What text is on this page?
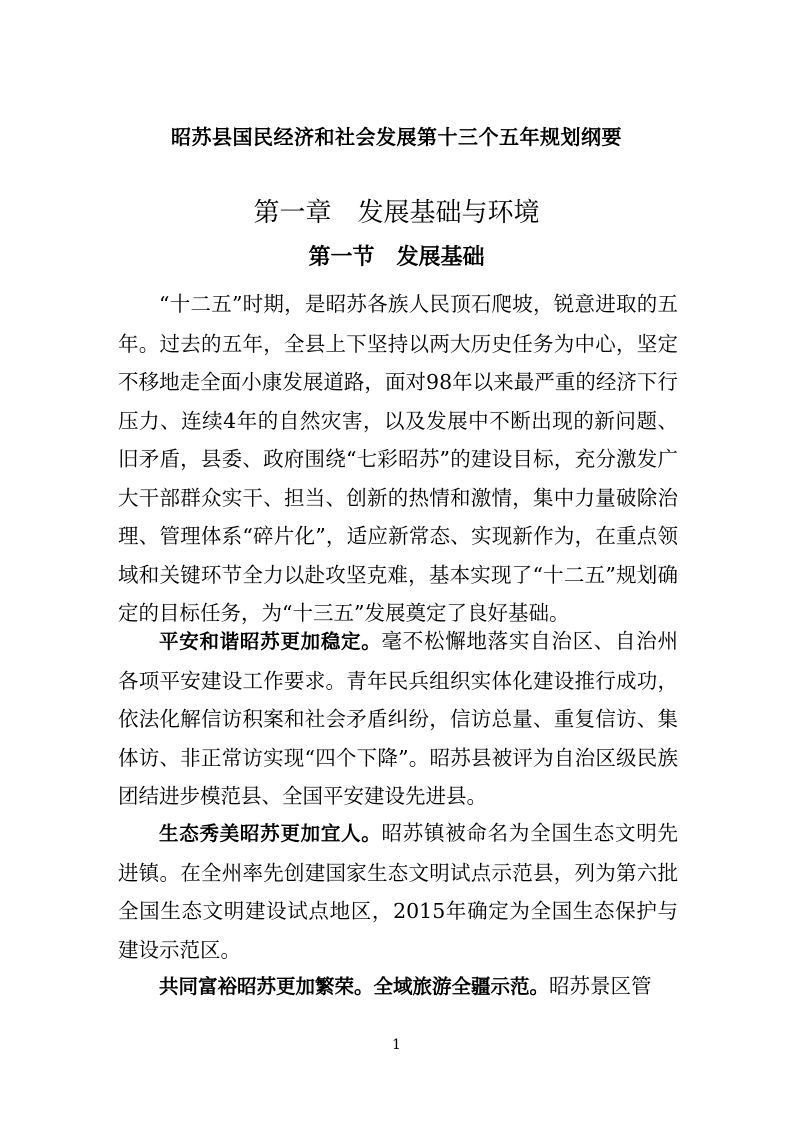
昭苏县国民经济和社会发展第十三个五年规划纲要
第一章　发展基础与环境
第一节　发展基础

“十二五”时期，是昭苏各族人民顶石爬坡，锐意进取的五年。过去的五年，全县上下坚持以两大历史任务为中心，坚定不移地走全面小康发展道路，面对98年以来最严重的经济下行压力、连续4年的自然灾害，以及发展中不断出现的新问题、旧矛盾，县委、政府围绕“七彩昭苏”的建设目标，充分激发广大干部群众实干、担当、创新的热情和激情，集中力量破除治理、管理体系“碎片化”，适应新常态、实现新作为，在重点领域和关键环节全力以赴攻坚克难，基本实现了“十二五”规划确定的目标任务，为“十三五”发展奠定了良好基础。

平安和谐昭苏更加稳定。毫不松懈地落实自治区、自治州各项平安建设工作要求。青年民兵组织实体化建设推行成功，依法化解信访积案和社会矛盾纠纷，信访总量、重复信访、集体访、非正常访实现“四个下降”。昭苏县被评为自治区级民族团结进步模范县、全国平安建设先进县。

生态秀美昭苏更加宜人。昭苏镇被命名为全国生态文明先进镇。在全州率先创建国家生态文明试点示范县，列为第六批全国生态文明建设试点地区，2015年确定为全国生态保护与建设示范区。

共同富裕昭苏更加繁荣。全域旅游全疆示范。昭苏景区管

1
